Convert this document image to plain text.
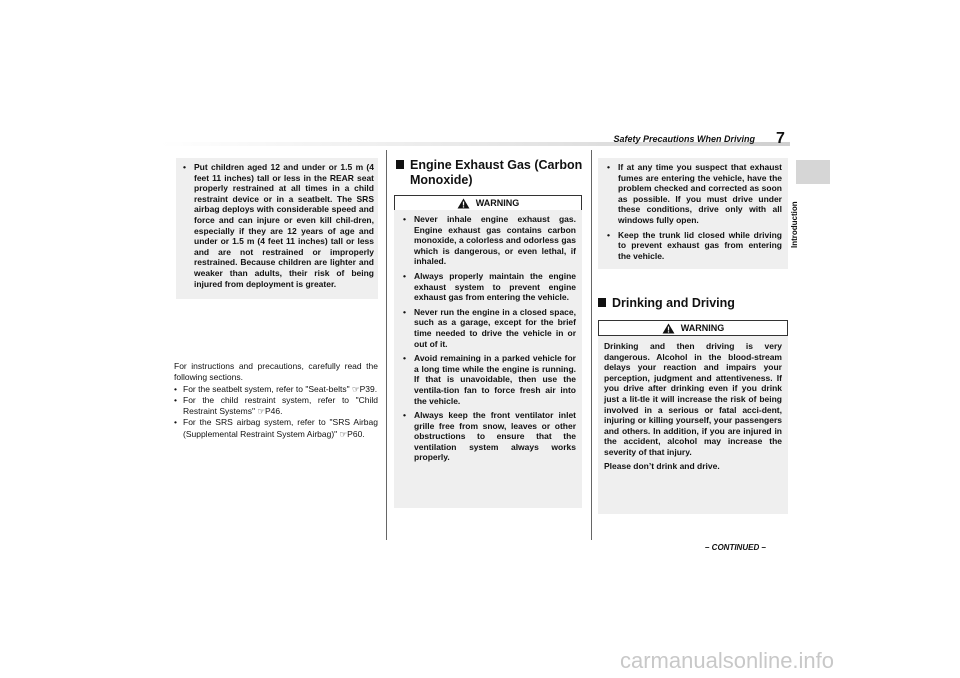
Safety Precautions When Driving 7
Introduction
• Put children aged 12 and under or 1.5 m (4 feet 11 inches) tall or less in the REAR seat properly restrained at all times in a child restraint device or in a seatbelt. The SRS airbag deploys with considerable speed and force and can injure or even kill chil-dren, especially if they are 12 years of age and under or 1.5 m (4 feet 11 inches) tall or less and are not restrained or improperly restrained. Because children are lighter and weaker than adults, their risk of being injured from deployment is greater.

For instructions and precautions, carefully read the following sections.

• For the seatbelt system, refer to "Seat-belts" ☞P39.

• For the child restraint system, refer to "Child Restraint Systems" ☞P46.

• For the SRS airbag system, refer to "SRS Airbag (Supplemental Restraint System Airbag)" ☞P60.

Engine Exhaust Gas (Carbon
Monoxide)
WARNING
• Never inhale engine exhaust gas. Engine exhaust gas contains carbon monoxide, a colorless and odorless gas which is dangerous, or even lethal, if inhaled.
• Always properly maintain the engine exhaust system to prevent engine exhaust gas from entering the vehicle.
• Never run the engine in a closed space, such as a garage, except for the brief time needed to drive the vehicle in or out of it.
• Avoid remaining in a parked vehicle for a long time while the engine is running. If that is unavoidable, then use the ventila-tion fan to force fresh air into the vehicle.
• Always keep the front ventilator inlet grille free from snow, leaves or other obstructions to ensure that the ventilation system always works properly.
• If at any time you suspect that exhaust fumes are entering the vehicle, have the problem checked and corrected as soon as possible. If you must drive under these conditions, drive only with all windows fully open.
• Keep the trunk lid closed while driving to prevent exhaust gas from entering the vehicle.
Drinking and Driving
WARNING

Drinking and then driving is very dangerous. Alcohol in the blood-stream delays your reaction and impairs your perception, judgment and attentiveness. If you drive after drinking even if you drink just a lit-tle it will increase the risk of being involved in a serious or fatal acci-dent, injuring or killing yourself, your passengers and others. In addition, if you are injured in the accident, alcohol may increase the severity of that injury.

Please don’t drink and drive.

– CONTINUED –
carmanualsonline.info
